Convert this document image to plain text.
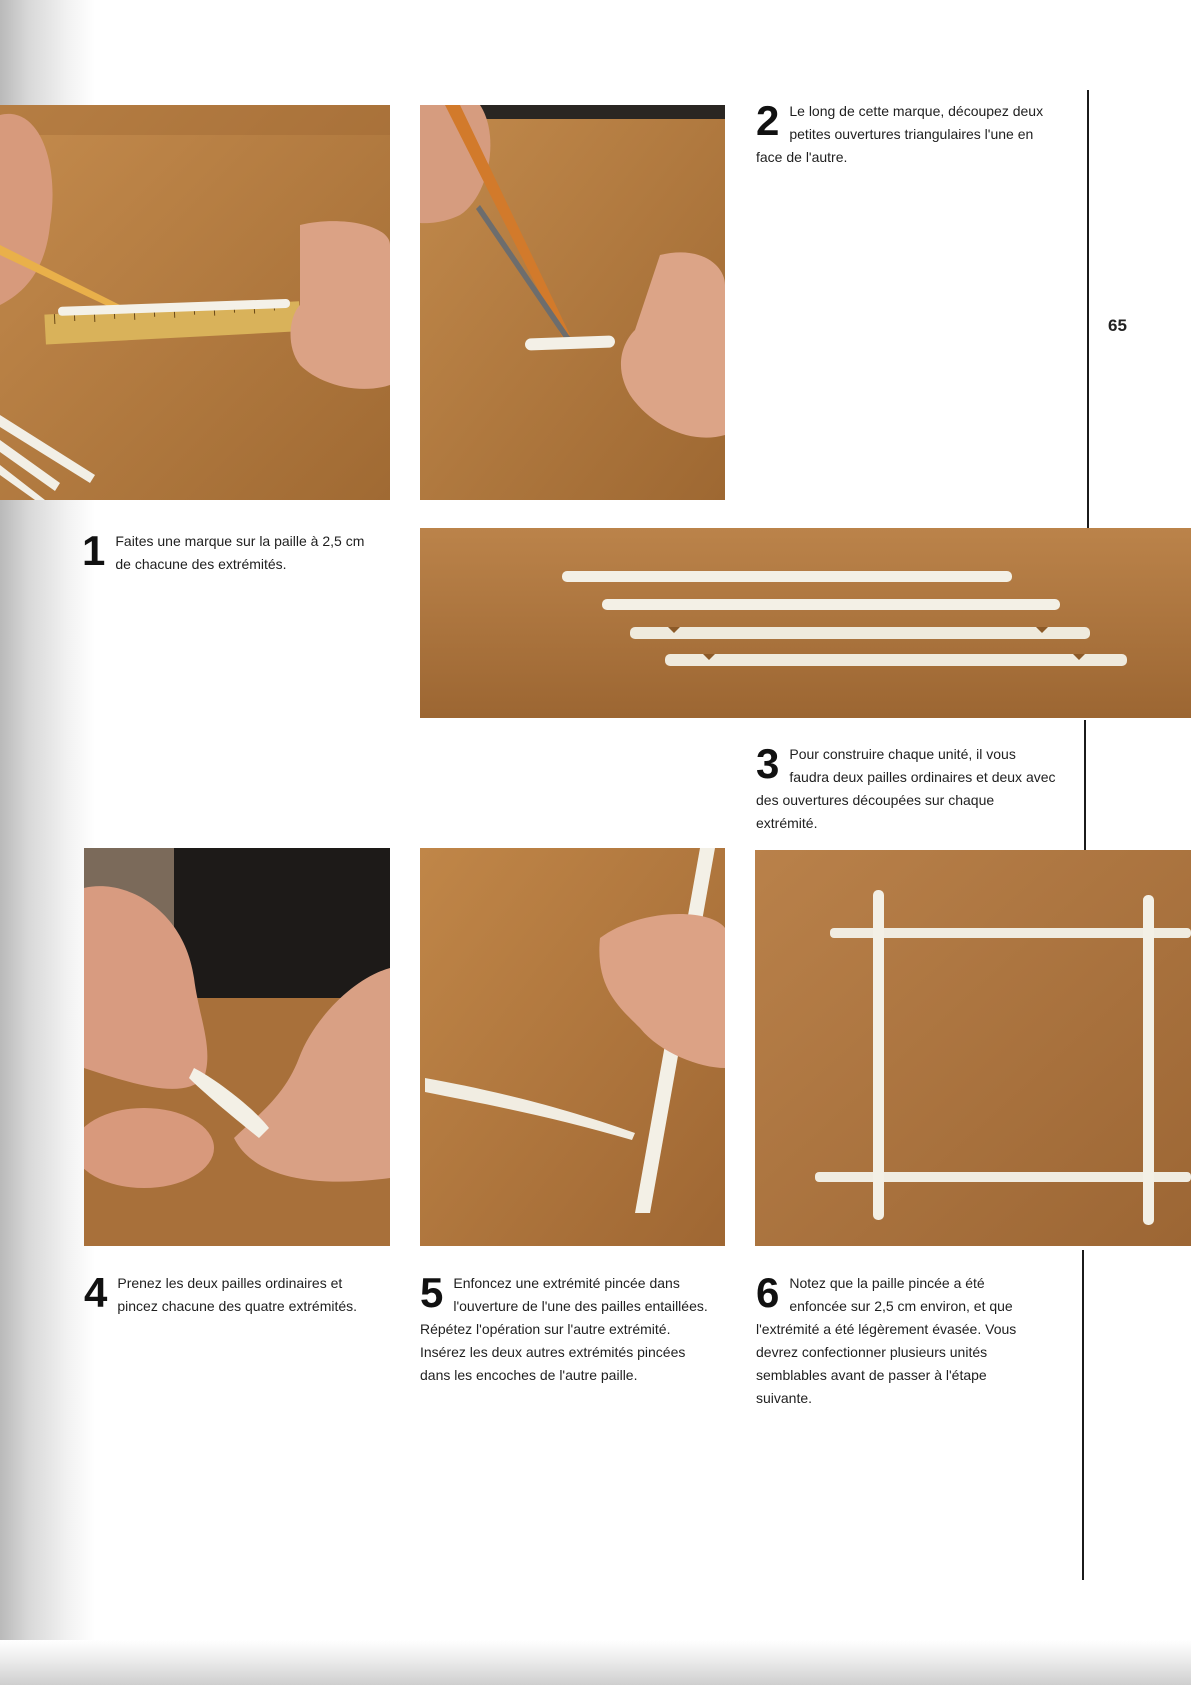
2 Le long de cette marque, découpez deux petites ouvertures triangulaires l'une en face de l'autre.
65
1 Faites une marque sur la paille à 2,5 cm de chacune des extrémités.
3 Pour construire chaque unité, il vous faudra deux pailles ordinaires et deux avec des ouvertures découpées sur chaque extrémité.
4 Prenez les deux pailles ordinaires et pincez chacune des quatre extrémités.	5 Enfoncez une extrémité pincée dans l'ouverture de l'une des pailles entaillées. Répétez l'opération sur l'autre extrémité. Insérez les deux autres extrémités pincées dans les encoches de l'autre paille.
6 Notez que la paille pincée a été enfoncée sur 2,5 cm environ, et que l'extrémité a été légèrement évasée. Vous devrez confectionner plusieurs unités semblables avant de passer à l'étape suivante.
